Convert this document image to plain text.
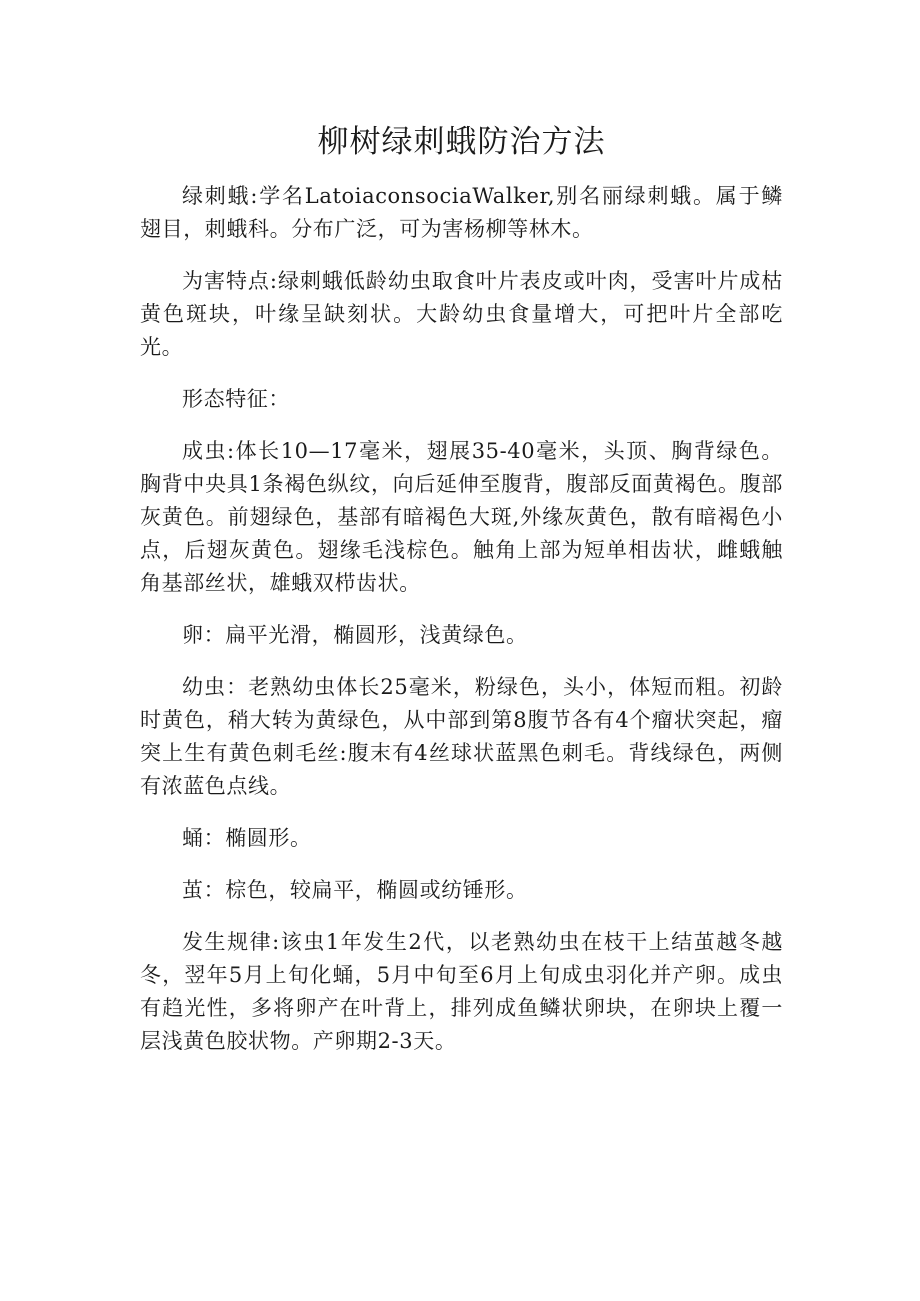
柳树绿刺蛾防治方法

绿刺蛾:学名LatoiaconsociaWalker,别名丽绿刺蛾。属于鳞翅目，刺蛾科。分布广泛，可为害杨柳等林木。

为害特点:绿刺蛾低龄幼虫取食叶片表皮或叶肉，受害叶片成枯黄色斑块，叶缘呈缺刻状。大龄幼虫食量增大，可把叶片全部吃光。

形态特征：

成虫:体长10—17毫米，翅展35-40毫米，头顶、胸背绿色。胸背中央具1条褐色纵纹，向后延伸至腹背，腹部反面黄褐色。腹部灰黄色。前翅绿色，基部有暗褐色大斑,外缘灰黄色，散有暗褐色小点，后翅灰黄色。翅缘毛浅棕色。触角上部为短单相齿状，雌蛾触角基部丝状，雄蛾双栉齿状。

卵：扁平光滑，椭圆形，浅黄绿色。

幼虫：老熟幼虫体长25毫米，粉绿色，头小，体短而粗。初龄时黄色，稍大转为黄绿色，从中部到第8腹节各有4个瘤状突起，瘤突上生有黄色刺毛丝:腹末有4丝球状蓝黑色刺毛。背线绿色，两侧有浓蓝色点线。

蛹：椭圆形。

茧：棕色，较扁平，椭圆或纺锤形。

发生规律:该虫1年发生2代，以老熟幼虫在枝干上结茧越冬越冬，翌年5月上旬化蛹，5月中旬至6月上旬成虫羽化并产卵。成虫有趋光性，多将卵产在叶背上，排列成鱼鳞状卵块，在卵块上覆一层浅黄色胶状物。产卵期2-3天。
